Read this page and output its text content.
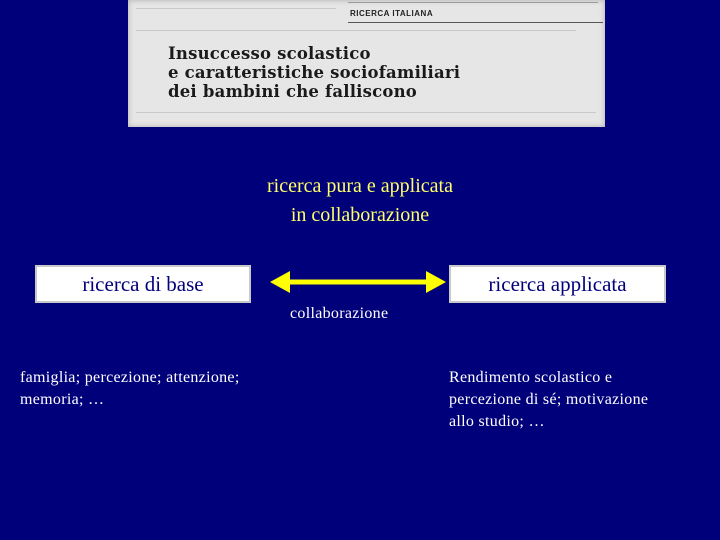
RICERCA ITALIANA
Insuccesso scolastico
e caratteristiche sociofamiliari
dei bambini che falliscono
ricerca pura e applicata
in collaborazione
ricerca di base	ricerca applicata
collaborazione
famiglia; percezione; attenzione;
memoria; …
Rendimento scolastico e
percezione di sé; motivazione
allo studio; …
